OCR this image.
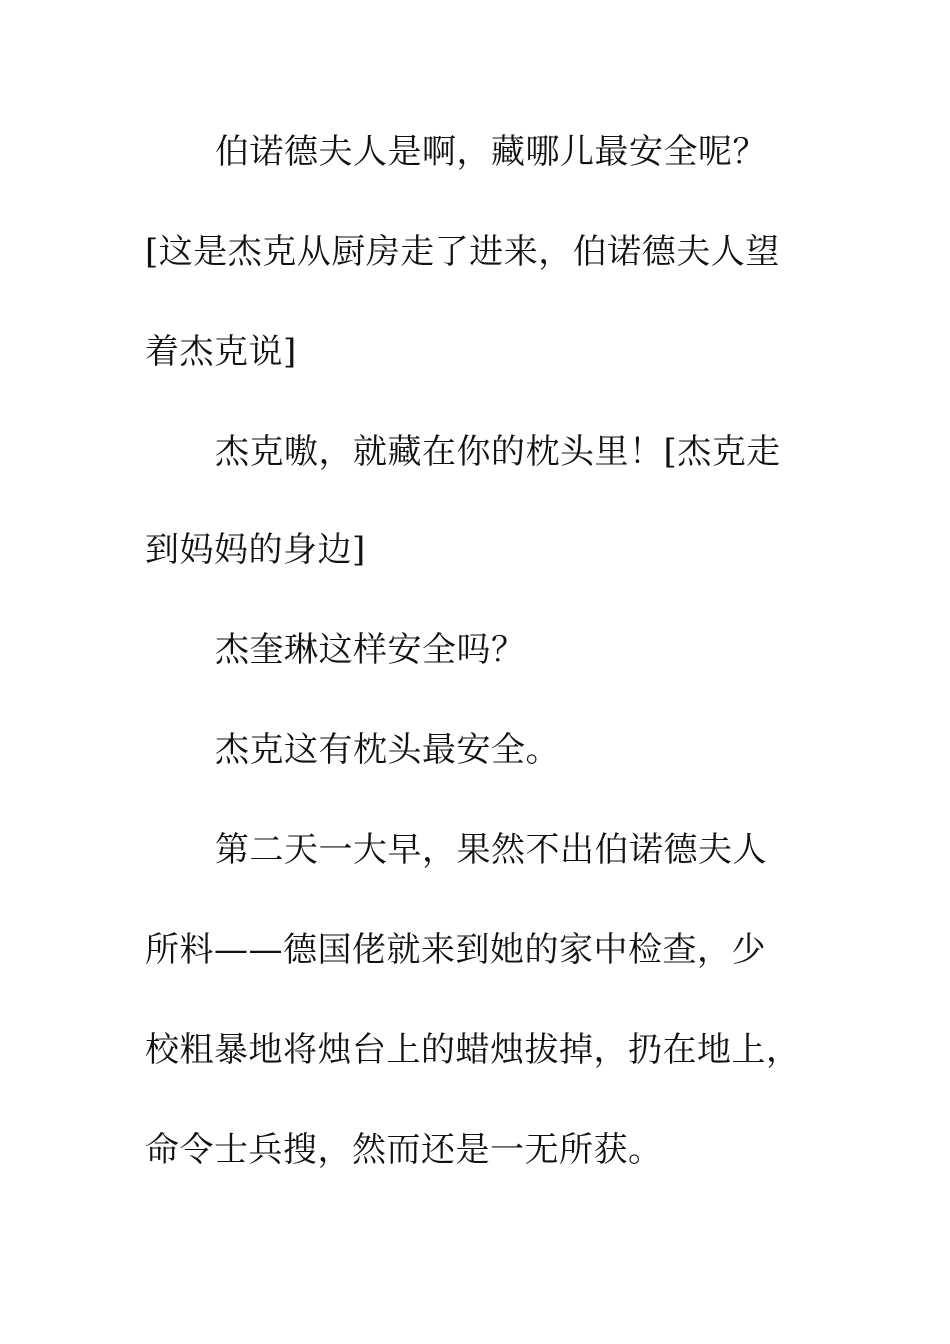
伯诺德夫人是啊，藏哪儿最安全呢？
[这是杰克从厨房走了进来，伯诺德夫人望
着杰克说]
杰克嗷，就藏在你的枕头里！[杰克走
到妈妈的身边]
杰奎琳这样安全吗？
杰克这有枕头最安全。
第二天一大早，果然不出伯诺德夫人
所料——德国佬就来到她的家中检查，少
校粗暴地将烛台上的蜡烛拔掉，扔在地上，
命令士兵搜，然而还是一无所获。
